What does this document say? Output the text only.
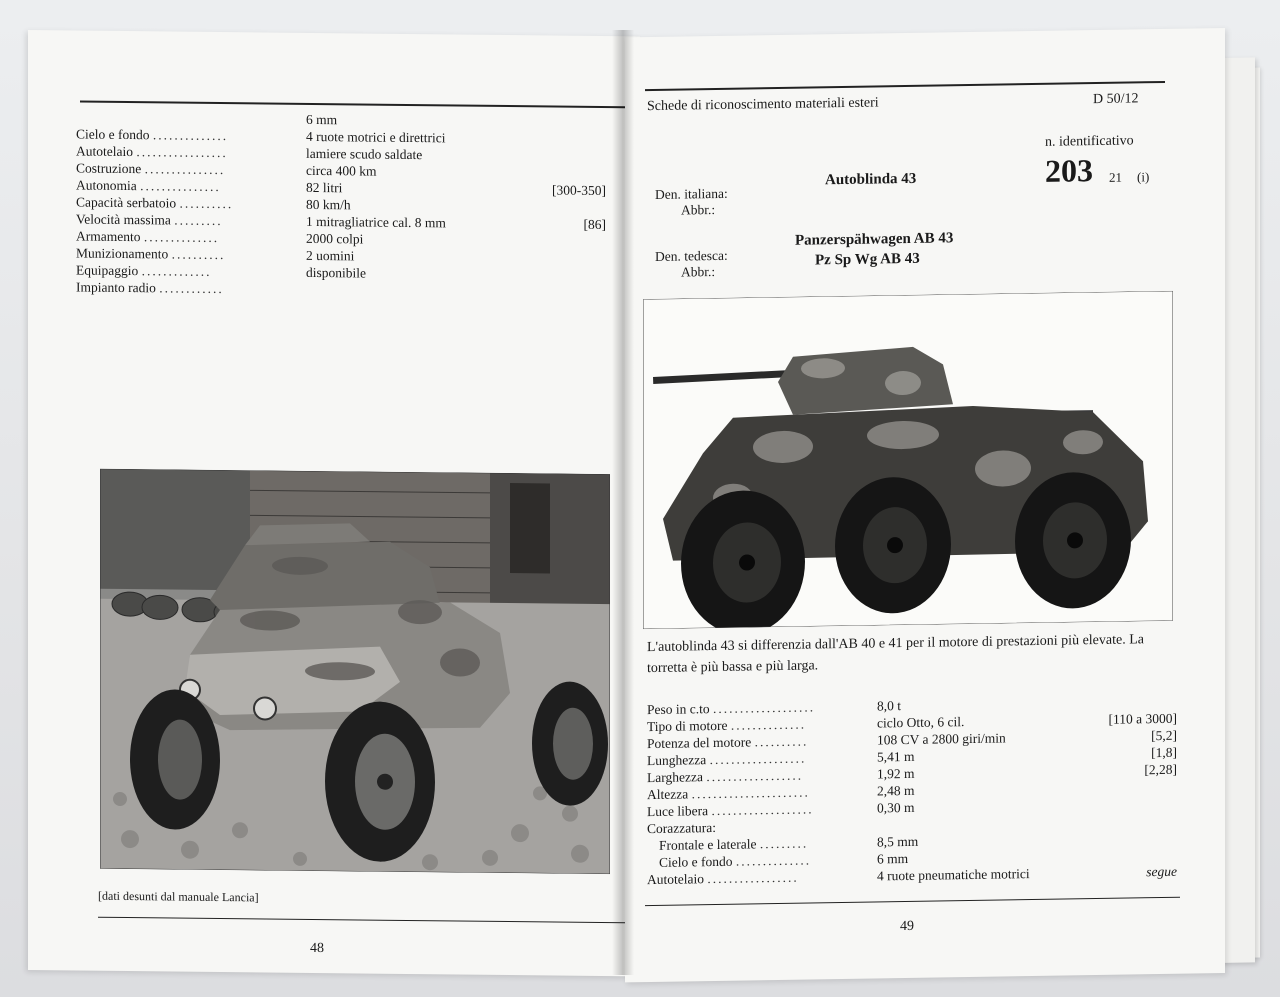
6 mm
Cielo e fondo ..............	4 ruote motrici e direttrici
Autotelaio .................	lamiere scudo saldate
Costruzione ...............	circa 400 km
Autonomia ...............	82 litri	[300-350]
Capacità serbatoio ..........	80 km/h
Velocità massima .........	1 mitragliatrice cal. 8 mm	[86]
Armamento ..............	2000 colpi
Munizionamento ..........	2 uomini
Equipaggio .............	disponibile
Impianto radio ............
[dati desunti dal manuale Lancia]
48
Schede di riconoscimento materiali esteri	D 50/12
n. identificativo
Den. italiana:
Abbr.:
Autoblinda 43	203 21 (i)
Den. tedesca:
Abbr.:
Panzerspähwagen AB 43
Pz Sp Wg AB 43
L'autoblinda 43 si differenzia dall'AB 40 e 41 per il motore di prestazioni più elevate. La torretta è più bassa e più larga.
Peso in c.to ...................	8,0 t
Tipo di motore ..............	ciclo Otto, 6 cil.	[110 a 3000]
Potenza del motore ..........	108 CV a 2800 giri/min	[5,2]
Lunghezza ..................	5,41 m	[1,8]
Larghezza ..................	1,92 m	[2,28]
Altezza ......................	2,48 m
Luce libera ...................	0,30 m
Corazzatura:
Frontale e laterale .........	8,5 mm
Cielo e fondo ..............	6 mm
Autotelaio .................	4 ruote pneumatiche motrici	segue
49
